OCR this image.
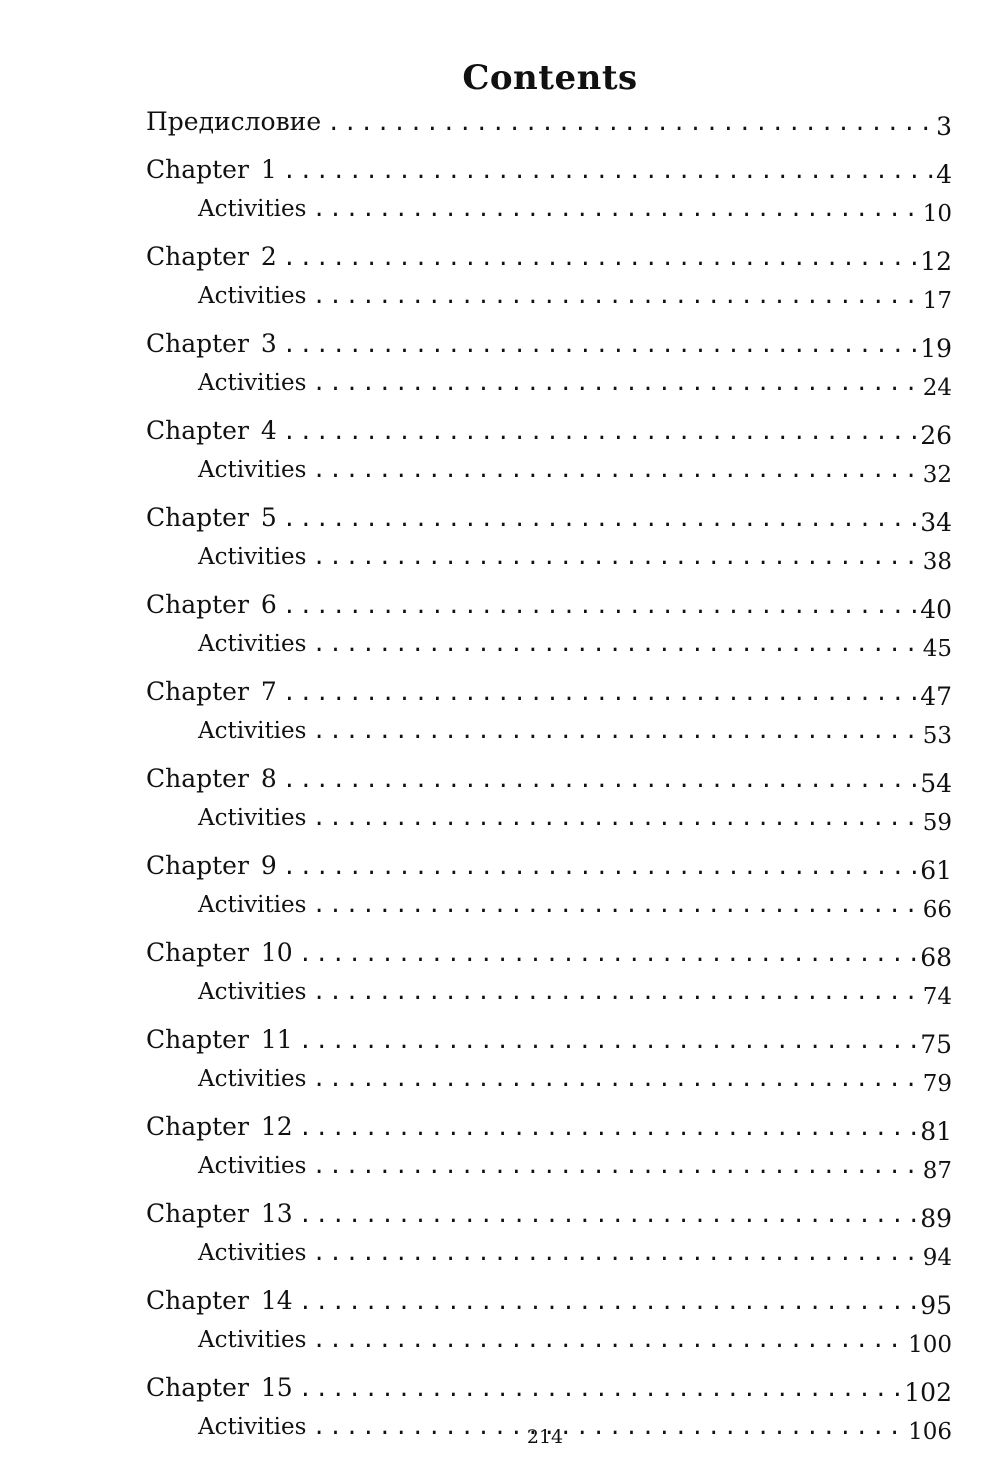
Contents
Предисловие .....	3
Chapter 1 .....	4
Activities .....	10
Chapter 2 .....	12
Activities .....	17
Chapter 3 .....	19
Activities .....	24
Chapter 4 .....	26
Activities .....	32
Chapter 5 .....	34
Activities .....	38
Chapter 6 .....	40
Activities .....	45
Chapter 7 .....	47
Activities .....	53
Chapter 8 .....	54
Activities .....	59
Chapter 9 .....	61
Activities .....	66
Chapter 10 .....	68
Activities .....	74
Chapter 11 .....	75
Activities .....	79
Chapter 12 .....	81
Activities .....	87
Chapter 13 .....	89
Activities .....	94
Chapter 14 .....	95
Activities .....	100
Chapter 15 .....	102
Activities .....	106
214
